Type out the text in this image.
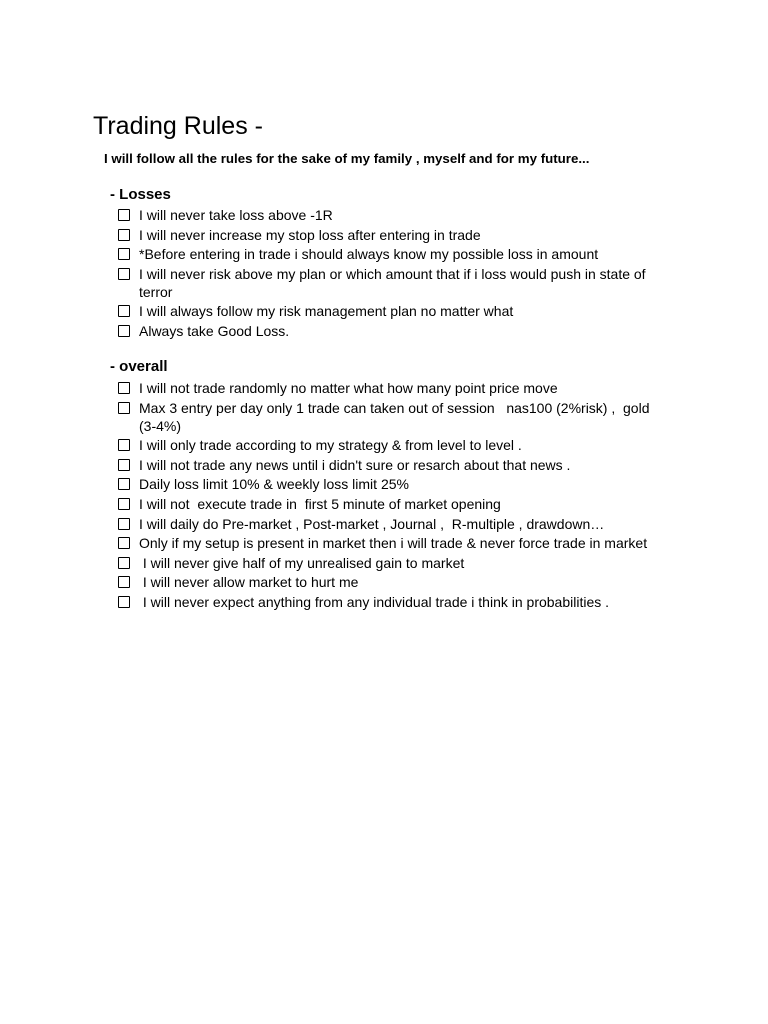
Trading Rules -

I will follow all the rules for the sake of my family , myself and for my future...

- Losses
I will never take loss above -1R
I will never increase my stop loss after entering in trade
*Before entering in trade i should always know my possible loss in amount
I will never risk above my plan or which amount that if i loss would push in state of terror
I will always follow my risk management plan no matter what
Always take Good Loss.
- overall
I will not trade randomly no matter what how many point price move
Max 3 entry per day only 1 trade can taken out of session   nas100 (2%risk) ,  gold (3-4%)
I will only trade according to my strategy & from level to level .
I will not trade any news until i didn't sure or resarch about that news .
Daily loss limit 10% & weekly loss limit 25%
I will not  execute trade in  first 5 minute of market opening
I will daily do Pre-market , Post-market , Journal ,  R-multiple , drawdown…
Only if my setup is present in market then i will trade & never force trade in market
I will never give half of my unrealised gain to market
I will never allow market to hurt me
I will never expect anything from any individual trade i think in probabilities .
